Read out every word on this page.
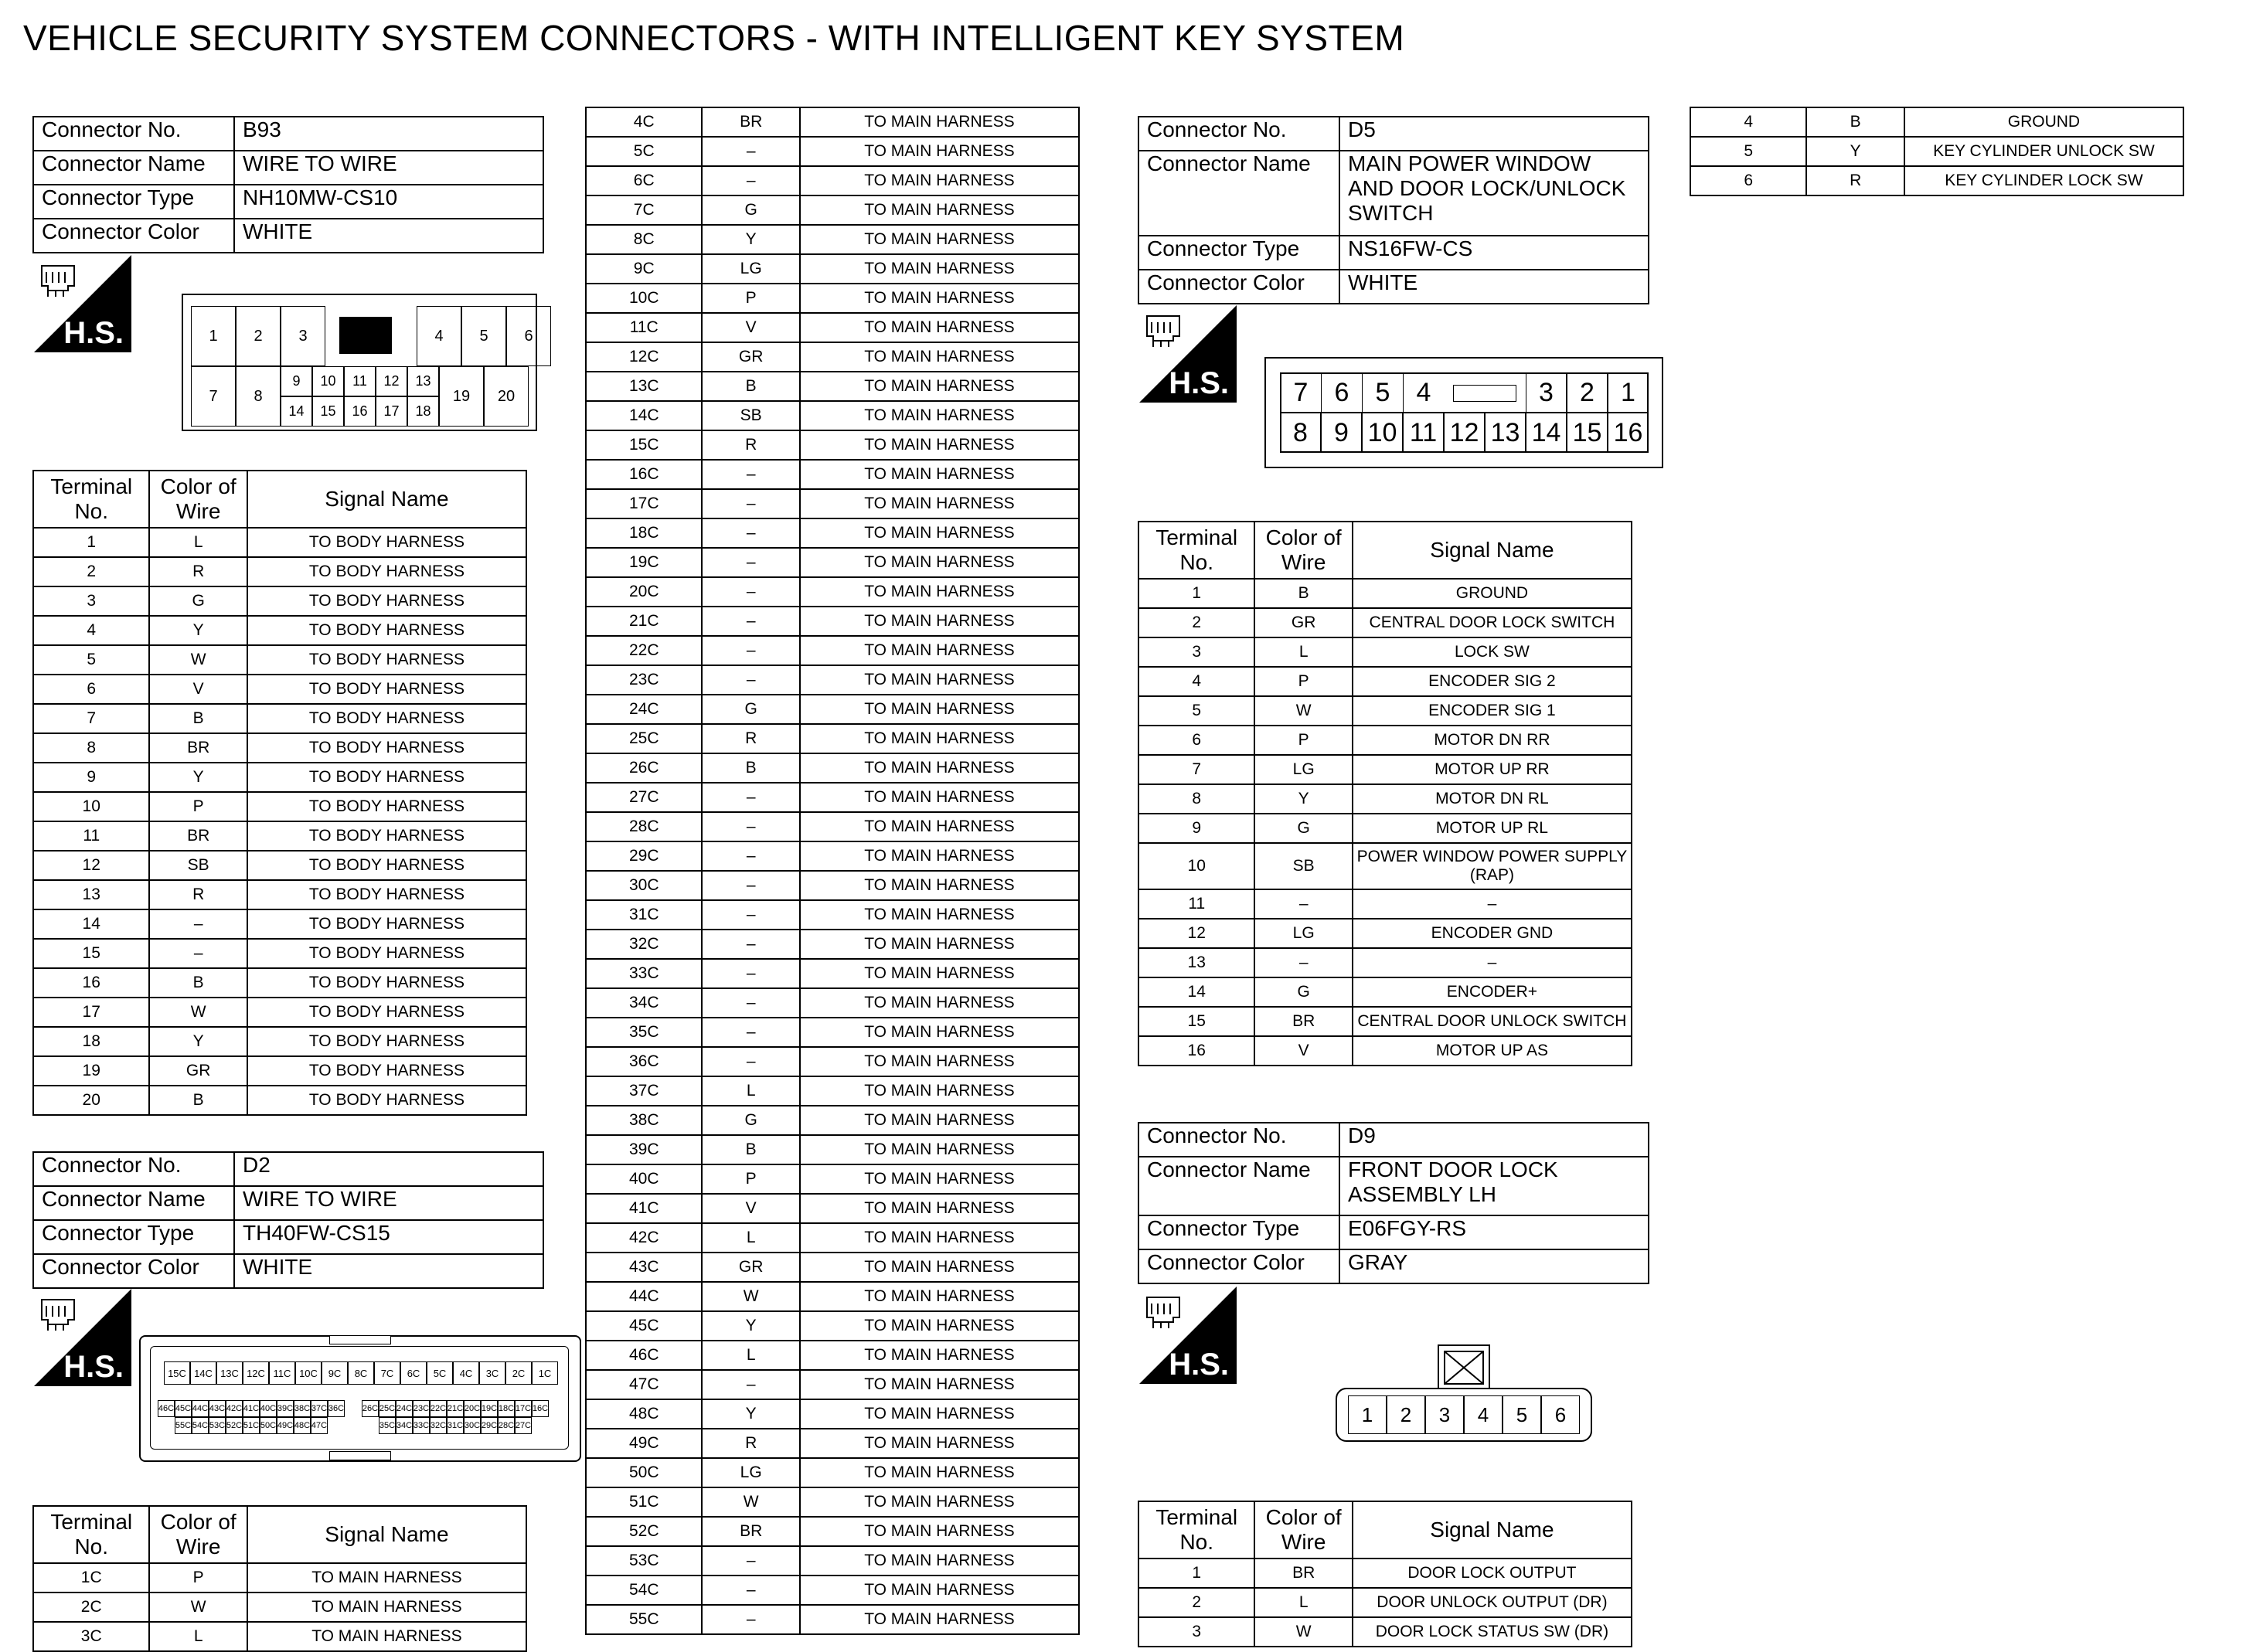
VEHICLE SECURITY SYSTEM CONNECTORS - WITH INTELLIGENT KEY SYSTEM
Connector No.	B93
Connector Name	WIRE TO WIRE
Connector Type	NH10MW-CS10
Connector Color	WHITE
H.S.	1	2	3	4	5	6
7	8
9	10	11	12	13
14	15	16	17	18
19	20
Terminal No.	Color of Wire	Signal Name
1	L	TO BODY HARNESS
2	R	TO BODY HARNESS
3	G	TO BODY HARNESS
4	Y	TO BODY HARNESS
5	W	TO BODY HARNESS
6	V	TO BODY HARNESS
7	B	TO BODY HARNESS
8	BR	TO BODY HARNESS
9	Y	TO BODY HARNESS
10	P	TO BODY HARNESS
11	BR	TO BODY HARNESS
12	SB	TO BODY HARNESS
13	R	TO BODY HARNESS
14	–	TO BODY HARNESS
15	–	TO BODY HARNESS
16	B	TO BODY HARNESS
17	W	TO BODY HARNESS
18	Y	TO BODY HARNESS
19	GR	TO BODY HARNESS
20	B	TO BODY HARNESS
Connector No.	D2
Connector Name	WIRE TO WIRE
Connector Type	TH40FW-CS15
Connector Color	WHITE
H.S.	15C 14C 13C 12C 11C 10C	9C	8C	7C	6C	5C	4C	3C	2C	1C
46C 45C 44C 43C 42C 41C 40C 39C 38C 37C 36C 26C 25C 24C 23C 22C 21C 20C 19C 18C 17C 16C
55C 54C 53C 52C 51C 50C 49C 48C 47C	35C 34C 33C 32C 31C 30C 29C 28C 27C
Terminal No.	Color of Wire	Signal Name
1C	P	TO MAIN HARNESS
2C	W	TO MAIN HARNESS
3C	L	TO MAIN HARNESS
4C	BR	TO MAIN HARNESS
5C	–	TO MAIN HARNESS
6C	–	TO MAIN HARNESS
7C	G	TO MAIN HARNESS
8C	Y	TO MAIN HARNESS
9C	LG	TO MAIN HARNESS
10C	P	TO MAIN HARNESS
11C	V	TO MAIN HARNESS
12C	GR	TO MAIN HARNESS
13C	B	TO MAIN HARNESS
14C	SB	TO MAIN HARNESS
15C	R	TO MAIN HARNESS
16C	–	TO MAIN HARNESS
17C	–	TO MAIN HARNESS
18C	–	TO MAIN HARNESS
19C	–	TO MAIN HARNESS
20C	–	TO MAIN HARNESS
21C	–	TO MAIN HARNESS
22C	–	TO MAIN HARNESS
23C	–	TO MAIN HARNESS
24C	G	TO MAIN HARNESS
25C	R	TO MAIN HARNESS
26C	B	TO MAIN HARNESS
27C	–	TO MAIN HARNESS
28C	–	TO MAIN HARNESS
29C	–	TO MAIN HARNESS
30C	–	TO MAIN HARNESS
31C	–	TO MAIN HARNESS
32C	–	TO MAIN HARNESS
33C	–	TO MAIN HARNESS
34C	–	TO MAIN HARNESS
35C	–	TO MAIN HARNESS
36C	–	TO MAIN HARNESS
37C	L	TO MAIN HARNESS
38C	G	TO MAIN HARNESS
39C	B	TO MAIN HARNESS
40C	P	TO MAIN HARNESS
41C	V	TO MAIN HARNESS
42C	L	TO MAIN HARNESS
43C	GR	TO MAIN HARNESS
44C	W	TO MAIN HARNESS
45C	Y	TO MAIN HARNESS
46C	L	TO MAIN HARNESS
47C	–	TO MAIN HARNESS
48C	Y	TO MAIN HARNESS
49C	R	TO MAIN HARNESS
50C	LG	TO MAIN HARNESS
51C	W	TO MAIN HARNESS
52C	BR	TO MAIN HARNESS
53C	–	TO MAIN HARNESS
54C	–	TO MAIN HARNESS
55C	–	TO MAIN HARNESS
Connector No.	D5
Connector Name	MAIN POWER WINDOW AND DOOR LOCK/UNLOCK SWITCH
Connector Type	NS16FW-CS
Connector Color	WHITE
H.S.	7	6	5	4	3	2	1
8	9 10 11 12 13 14 15 16
Terminal No.	Color of Wire	Signal Name
1	B	GROUND
2	GR	CENTRAL DOOR LOCK SWITCH
3	L	LOCK SW
4	P	ENCODER SIG 2
5	W	ENCODER SIG 1
6	P	MOTOR DN RR
7	LG	MOTOR UP RR
8	Y	MOTOR DN RL
9	G	MOTOR UP RL
10	SB	POWER WINDOW POWER SUPPLY (RAP)
11	–	–
12	LG	ENCODER GND
13	–	–
14	G	ENCODER+
15	BR	CENTRAL DOOR UNLOCK SWITCH
16	V	MOTOR UP AS
Connector No.	D9
Connector Name	FRONT DOOR LOCK ASSEMBLY LH
Connector Type	E06FGY-RS
Connector Color	GRAY
H.S.
1	2	3	4	5	6
Terminal No.	Color of Wire	Signal Name
1	BR	DOOR LOCK OUTPUT
2	L	DOOR UNLOCK OUTPUT (DR)
3	W	DOOR LOCK STATUS SW (DR)
4	B	GROUND
5	Y	KEY CYLINDER UNLOCK SW
6	R	KEY CYLINDER LOCK SW
